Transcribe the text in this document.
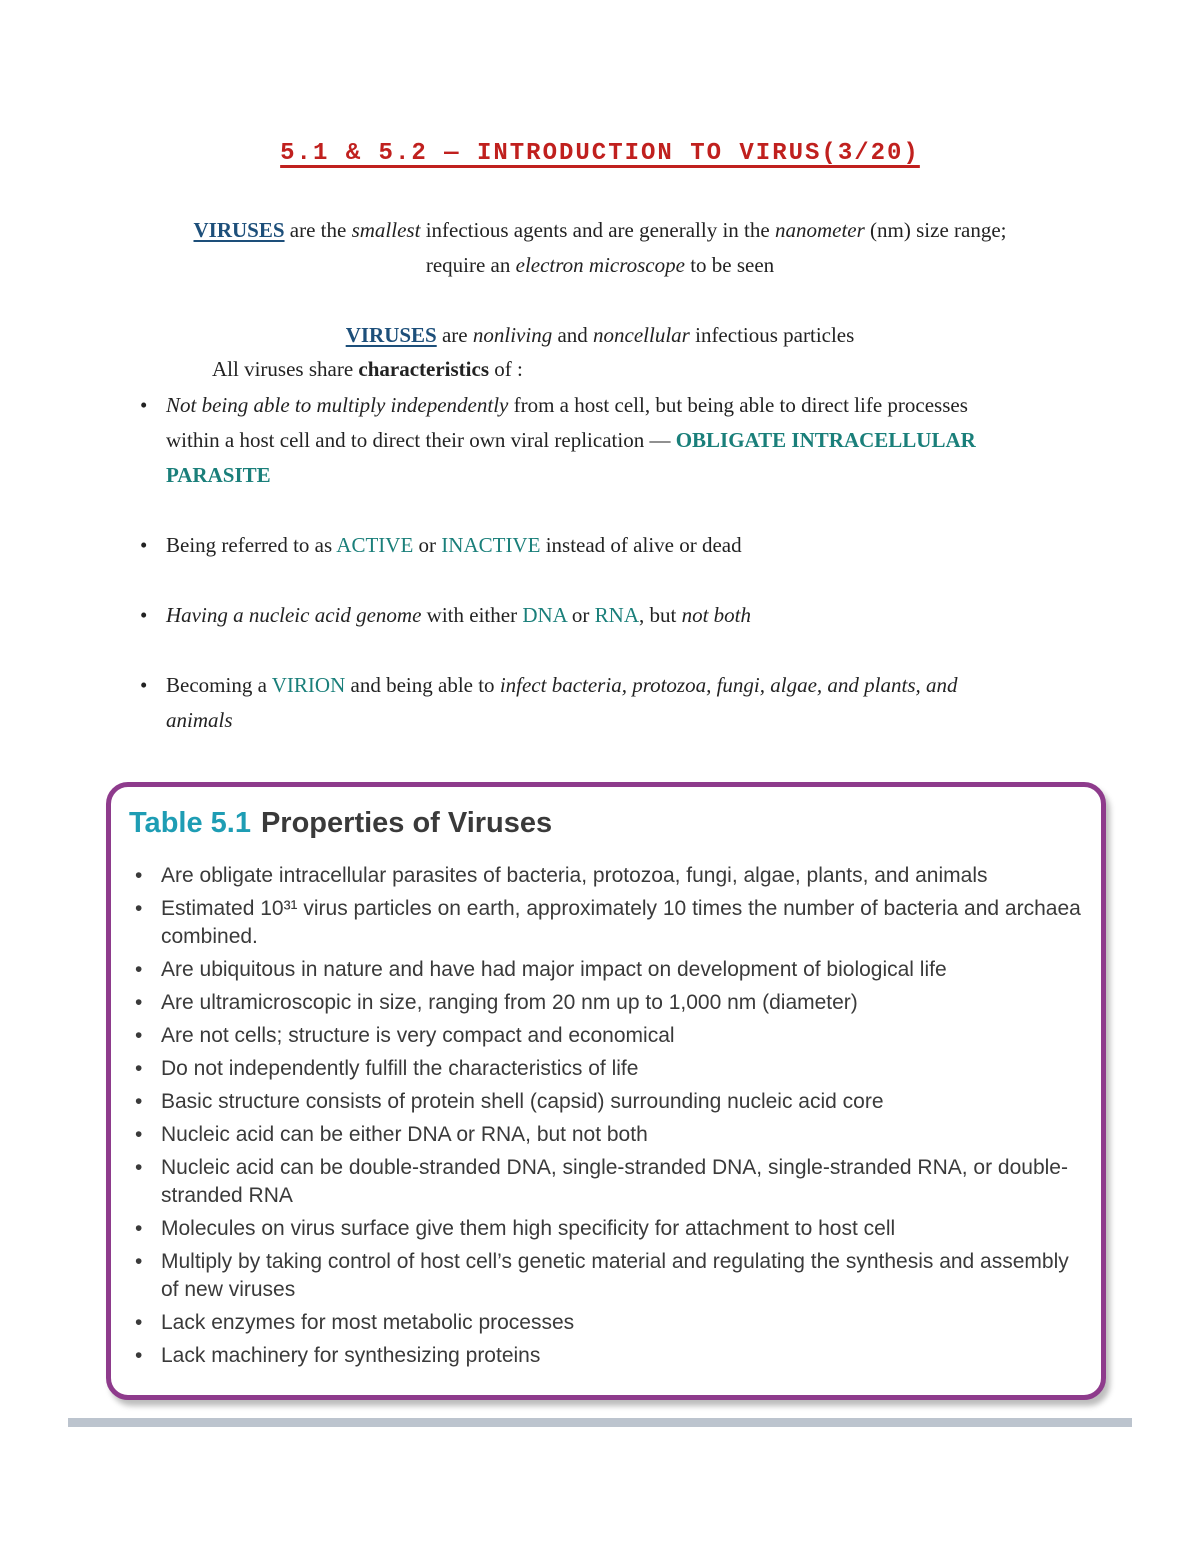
5.1 & 5.2 — INTRODUCTION TO VIRUS(3/20)
VIRUSES are the smallest infectious agents and are generally in the nanometer (nm) size range;
require an electron microscope to be seen
VIRUSES are nonliving and noncellular infectious particles
All viruses share characteristics of :
• Not being able to multiply independently from a host cell, but being able to direct life processes within a host cell and to direct their own viral replication — OBLIGATE INTRACELLULAR PARASITE
• Being referred to as ACTIVE or INACTIVE instead of alive or dead
• Having a nucleic acid genome with either DNA or RNA, but not both
• Becoming a VIRION and being able to infect bacteria, protozoa, fungi, algae, and plants, and animals
Table 5.1 Properties of Viruses
• Are obligate intracellular parasites of bacteria, protozoa, fungi, algae, plants, and animals
• Estimated 10³¹ virus particles on earth, approximately 10 times the number of bacteria and archaea combined.
• Are ubiquitous in nature and have had major impact on development of biological life
• Are ultramicroscopic in size, ranging from 20 nm up to 1,000 nm (diameter)
• Are not cells; structure is very compact and economical
• Do not independently fulfill the characteristics of life
• Basic structure consists of protein shell (capsid) surrounding nucleic acid core
• Nucleic acid can be either DNA or RNA, but not both
• Nucleic acid can be double-stranded DNA, single-stranded DNA, single-stranded RNA, or double-stranded RNA
• Molecules on virus surface give them high specificity for attachment to host cell
• Multiply by taking control of host cell’s genetic material and regulating the synthesis and assembly of new viruses
• Lack enzymes for most metabolic processes
• Lack machinery for synthesizing proteins
